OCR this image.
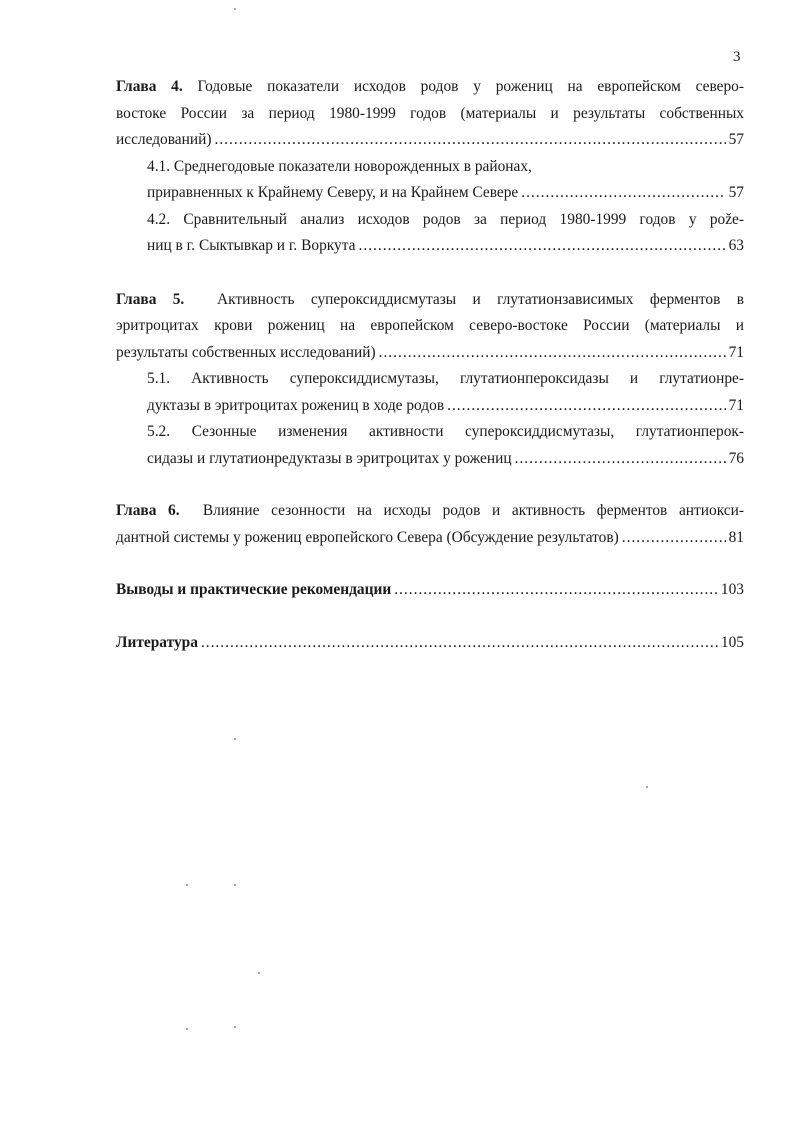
3
Глава 4. Годовые показатели исходов родов у рожениц на европейском северо-
востоке России за период 1980-1999 годов (материалы и результаты собственных
исследований) .....	57
4.1. Среднегодовые показатели новорожденных в районах,
приравненных к Крайнему Северу, и на Крайнем Севере .....	57
4.2. Сравнительный анализ исходов родов за период 1980-1999 годов у рože-
ниц в г. Сыктывкар и г. Воркута .....	63
Глава 5. Активность супероксиддисмутазы и глутатионзависимых ферментов в
эритроцитах крови рожениц на европейском северо-востоке России (материалы и
результаты собственных исследований) .....	71
5.1. Активность супероксиддисмутазы, глутатионпероксидазы и глутатионре-
дуктазы в эритроцитах рожениц в ходе родов .....	71
5.2. Сезонные изменения активности супероксиддисмутазы, глутатионперок-
сидазы и глутатионредуктазы в эритроцитах у рожениц .....	76
Глава 6. Влияние сезонности на исходы родов и активность ферментов антиокси-
дантной системы у рожениц европейского Севера (Обсуждение результатов) .....	81
Выводы и практические рекомендации .....	103
Литература .....	105
